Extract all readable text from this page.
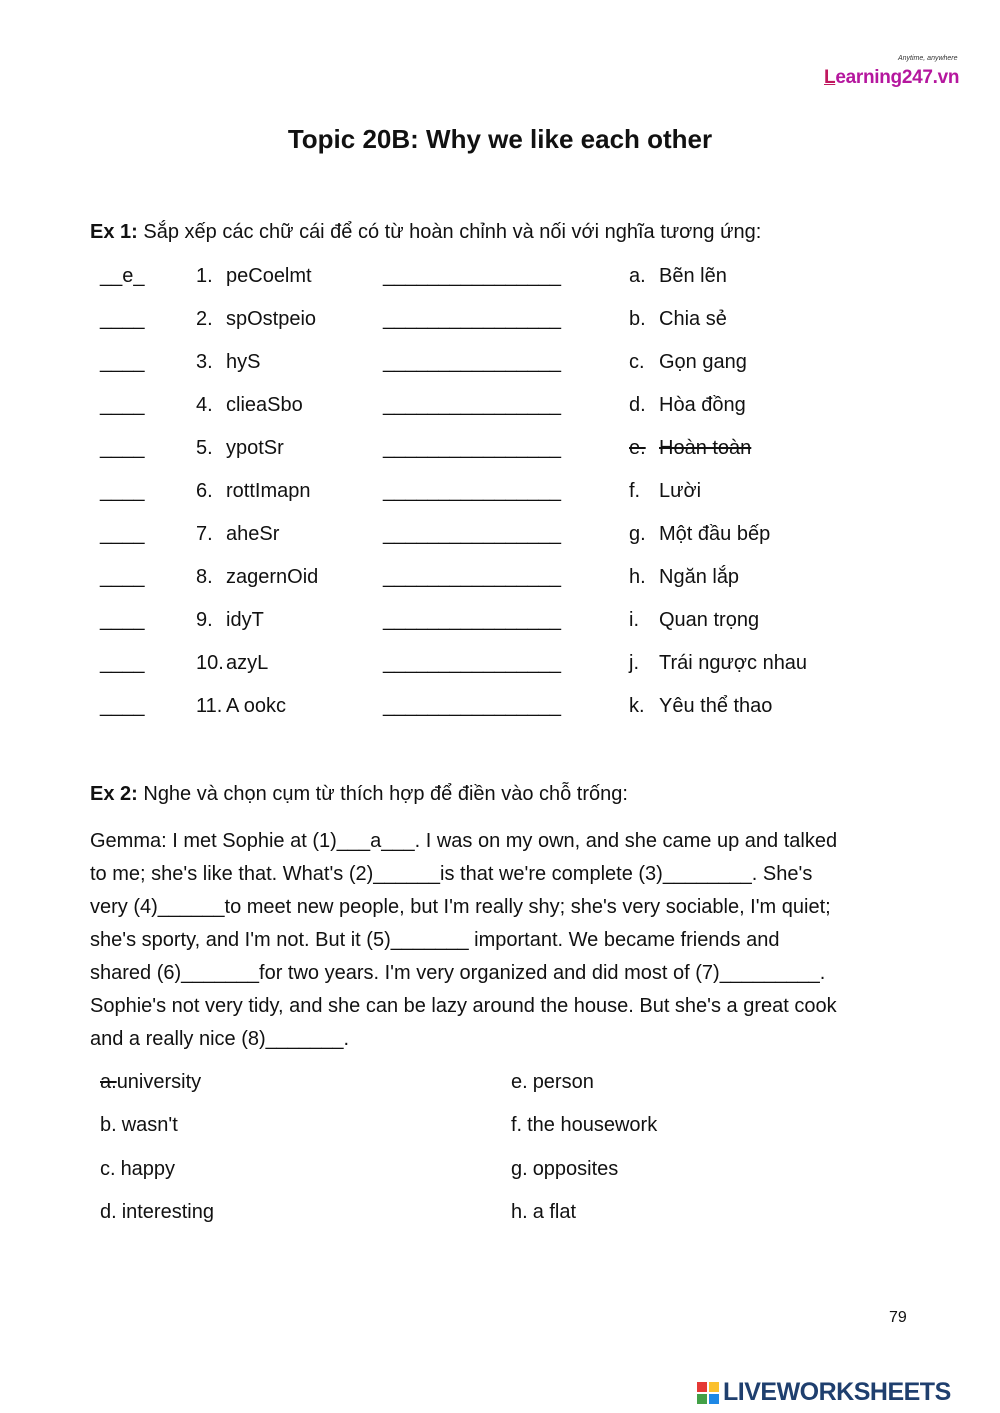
Anytime, anywhere
Learning247.vn
Topic 20B: Why we like each other
Ex 1: Sắp xếp các chữ cái để có từ hoàn chỉnh và nối với nghĩa tương ứng:
__e_	1. peCoelmt	________________	a. Bẽn lẽn
____	2. spOstpeio	________________	b. Chia sẻ
____	3. hyS	________________	c. Gọn gang
____	4. clieaSbo	________________	d. Hòa đồng
____	5. ypotSr	________________	e. Hoàn toàn
____	6. rottImapn	________________	f. Lười
____	7. aheSr	________________	g. Một đầu bếp
____	8. zagernOid	________________	h. Ngăn lắp
____	9. idyT	________________	i. Quan trọng
____	10. azyL	________________	j. Trái ngược nhau
____	11. A ookc	________________	k. Yêu thể thao
Ex 2: Nghe và chọn cụm từ thích hợp để điền vào chỗ trống:
Gemma: I met Sophie at (1)___a___. I was on my own, and she came up and talked
to me; she's like that. What's (2)______is that we're complete (3)________. She's
very (4)______to meet new people, but I'm really shy; she's very sociable, I'm quiet;
she's sporty, and I'm not. But it (5)_______ important. We became friends and
shared (6)_______for two years. I'm very organized and did most of (7)_________.
Sophie's not very tidy, and she can be lazy around the house. But she's a great cook
and a really nice (8)_______.
a.university
b. wasn't
c. happy
d. interesting
e. person
f. the housework
g. opposites
h. a flat
79
LIVEWORKSHEETS
